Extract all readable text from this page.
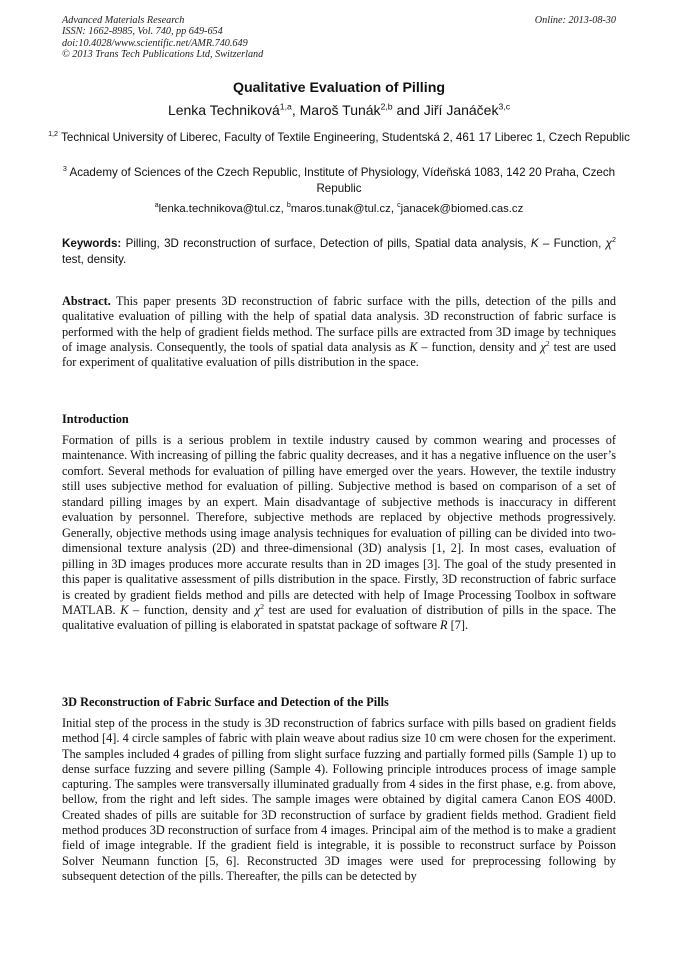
Advanced Materials Research
ISSN: 1662-8985, Vol. 740, pp 649-654
doi:10.4028/www.scientific.net/AMR.740.649
© 2013 Trans Tech Publications Ltd, Switzerland
Online: 2013-08-30
Qualitative Evaluation of Pilling
Lenka Techniková$^{1,a}$, Maroš Tunák$^{2,b}$ and Jiří Janáček$^{3,c}$
$^{1,2}$ Technical University of Liberec, Faculty of Textile Engineering, Studentská 2, 461 17 Liberec 1, Czech Republic
$^3$ Academy of Sciences of the Czech Republic, Institute of Physiology, Vídeňská 1083, 142 20 Praha, Czech Republic
$^a$lenka.technikova@tul.cz, $^b$maros.tunak@tul.cz, $^c$janacek@biomed.cas.cz
Keywords: Pilling, 3D reconstruction of surface, Detection of pills, Spatial data analysis, K – Function, $\chi^2$ test, density.
Abstract. This paper presents 3D reconstruction of fabric surface with the pills, detection of the pills and qualitative evaluation of pilling with the help of spatial data analysis. 3D reconstruction of fabric surface is performed with the help of gradient fields method. The surface pills are extracted from 3D image by techniques of image analysis. Consequently, the tools of spatial data analysis as K – function, density and $\chi^2$ test are used for experiment of qualitative evaluation of pills distribution in the space.
Introduction
Formation of pills is a serious problem in textile industry caused by common wearing and processes of maintenance. With increasing of pilling the fabric quality decreases, and it has a negative influence on the user’s comfort. Several methods for evaluation of pilling have emerged over the years. However, the textile industry still uses subjective method for evaluation of pilling. Subjective method is based on comparison of a set of standard pilling images by an expert. Main disadvantage of subjective methods is inaccuracy in different evaluation by personnel. Therefore, subjective methods are replaced by objective methods progressively. Generally, objective methods using image analysis techniques for evaluation of pilling can be divided into two-dimensional texture analysis (2D) and three-dimensional (3D) analysis [1, 2]. In most cases, evaluation of pilling in 3D images produces more accurate results than in 2D images [3]. The goal of the study presented in this paper is qualitative assessment of pills distribution in the space. Firstly, 3D reconstruction of fabric surface is created by gradient fields method and pills are detected with help of Image Processing Toolbox in software MATLAB. K – function, density and $\chi^2$ test are used for evaluation of distribution of pills in the space. The qualitative evaluation of pilling is elaborated in spatstat package of software R [7].
3D Reconstruction of Fabric Surface and Detection of the Pills
Initial step of the process in the study is 3D reconstruction of fabrics surface with pills based on gradient fields method [4]. 4 circle samples of fabric with plain weave about radius size 10 cm were chosen for the experiment. The samples included 4 grades of pilling from slight surface fuzzing and partially formed pills (Sample 1) up to dense surface fuzzing and severe pilling (Sample 4). Following principle introduces process of image sample capturing. The samples were transversally illuminated gradually from 4 sides in the first phase, e.g. from above, bellow, from the right and left sides. The sample images were obtained by digital camera Canon EOS 400D. Created shades of pills are suitable for 3D reconstruction of surface by gradient fields method. Gradient field method produces 3D reconstruction of surface from 4 images. Principal aim of the method is to make a gradient field of image integrable. If the gradient field is integrable, it is possible to reconstruct surface by Poisson Solver Neumann function [5, 6]. Reconstructed 3D images were used for preprocessing following by subsequent detection of the pills. Thereafter, the pills can be detected by
